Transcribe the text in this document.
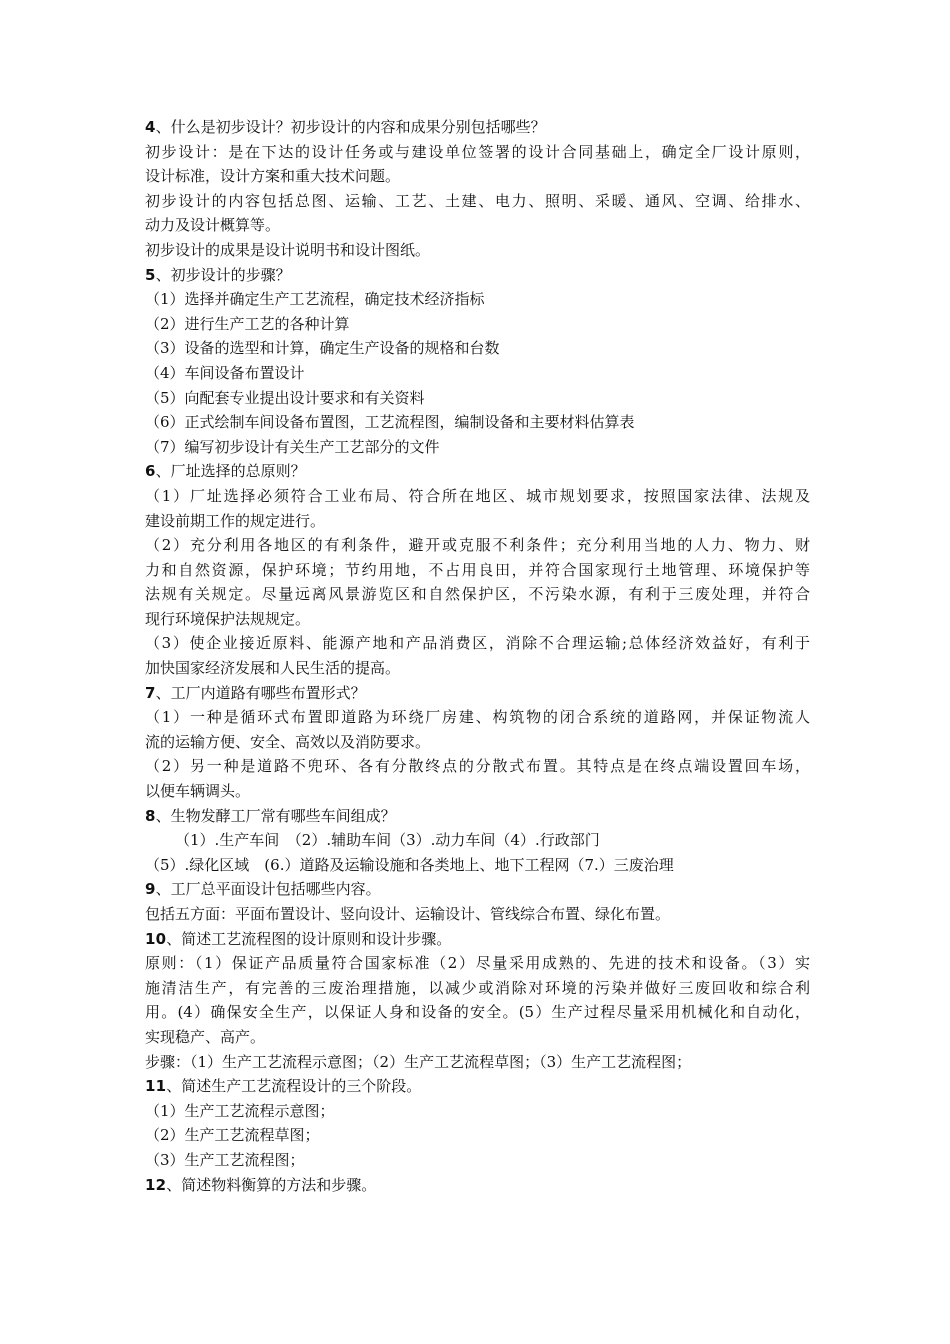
4、什么是初步设计？初步设计的内容和成果分别包括哪些？
初步设计：是在下达的设计任务或与建设单位签署的设计合同基础上，确定全厂设计原则，
设计标准，设计方案和重大技术问题。
初步设计的内容包括总图、运输、工艺、土建、电力、照明、采暖、通风、空调、给排水、
动力及设计概算等。
初步设计的成果是设计说明书和设计图纸。
5、初步设计的步骤？
（1）选择并确定生产工艺流程，确定技术经济指标
（2）进行生产工艺的各种计算
（3）设备的选型和计算，确定生产设备的规格和台数
（4）车间设备布置设计
（5）向配套专业提出设计要求和有关资料
（6）正式绘制车间设备布置图，工艺流程图，编制设备和主要材料估算表
（7）编写初步设计有关生产工艺部分的文件
6、厂址选择的总原则？
（1）厂址选择必须符合工业布局、符合所在地区、城市规划要求，按照国家法律、法规及
建设前期工作的规定进行。
（2）充分利用各地区的有利条件，避开或克服不利条件；充分利用当地的人力、物力、财
力和自然资源，保护环境；节约用地，不占用良田，并符合国家现行土地管理、环境保护等
法规有关规定。尽量远离风景游览区和自然保护区，不污染水源，有利于三废处理，并符合
现行环境保护法规规定。
（3）使企业接近原料、能源产地和产品消费区，消除不合理运输;总体经济效益好，有利于
加快国家经济发展和人民生活的提高。
7、工厂内道路有哪些布置形式？
（1）一种是循环式布置即道路为环绕厂房建、构筑物的闭合系统的道路网，并保证物流人
流的运输方便、安全、高效以及消防要求。
（2）另一种是道路不兜环、各有分散终点的分散式布置。其特点是在终点端设置回车场，
以便车辆调头。
8、生物发酵工厂常有哪些车间组成？
（1）.生产车间　（2）.辅助车间（3）.动力车间（4）.行政部门
（5）.绿化区域　(6.）道路及运输设施和各类地上、地下工程网（7.）三废治理
9、工厂总平面设计包括哪些内容。
包括五方面：平面布置设计、竖向设计、运输设计、管线综合布置、绿化布置。
10、简述工艺流程图的设计原则和设计步骤。
原则：（1）保证产品质量符合国家标准（2）尽量采用成熟的、先进的技术和设备。（3）实
施清洁生产，有完善的三废治理措施，以减少或消除对环境的污染并做好三废回收和综合利
用。(4）确保安全生产，以保证人身和设备的安全。(5）生产过程尽量采用机械化和自动化，
实现稳产、高产。
步骤：（1）生产工艺流程示意图；（2）生产工艺流程草图；（3）生产工艺流程图；
11、简述生产工艺流程设计的三个阶段。
（1）生产工艺流程示意图；
（2）生产工艺流程草图；
（3）生产工艺流程图；
12、简述物料衡算的方法和步骤。
